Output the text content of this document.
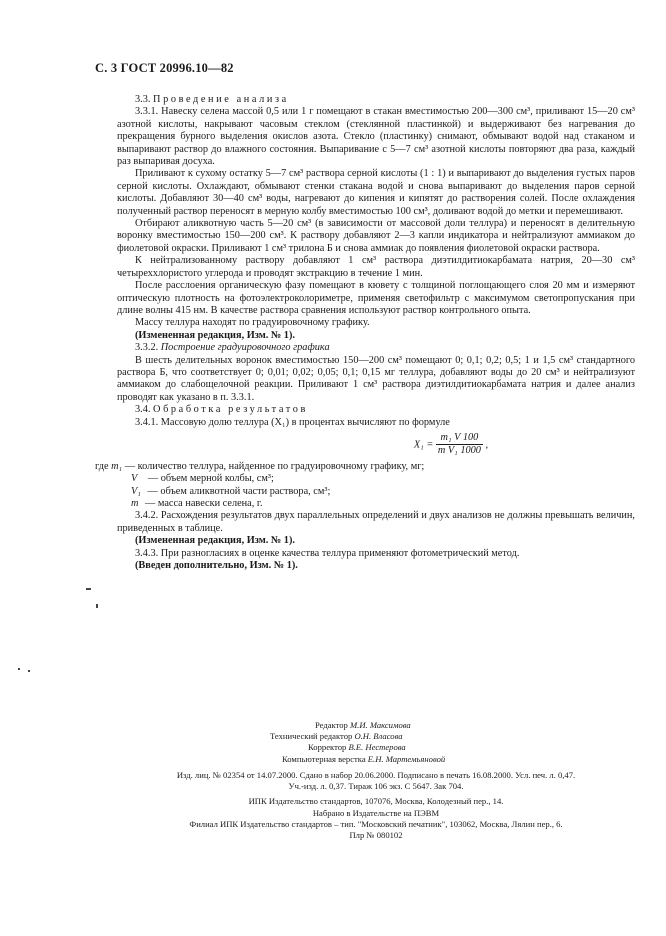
С. 3 ГОСТ 20996.10—82

3.3. Проведение анализа

3.3.1. Навеску селена массой 0,5 или 1 г помещают в стакан вместимостью 200—300 см³, приливают 15—20 см³ азотной кислоты, накрывают часовым стеклом (стеклянной пластинкой) и выдерживают без нагревания до прекращения бурного выделения окислов азота. Стекло (пластинку) снимают, обмывают водой над стаканом и выпаривают раствор до влажного состояния. Выпаривание с 5—7 см³ азотной кислоты повторяют два раза, каждый раз выпаривая досуха.

Приливают к сухому остатку 5—7 см³ раствора серной кислоты (1 : 1) и выпаривают до выделения густых паров серной кислоты. Охлаждают, обмывают стенки стакана водой и снова выпаривают до выделения паров серной кислоты. Добавляют 30—40 см³ воды, нагревают до кипения и кипятят до растворения солей. После охлаждения полученный раствор переносят в мерную колбу вместимостью 100 см³, доливают водой до метки и перемешивают.

Отбирают аликвотную часть 5—20 см³ (в зависимости от массовой доли теллура) и переносят в делительную воронку вместимостью 150—200 см³. К раствору добавляют 2—3 капли индикатора и нейтрализуют аммиаком до фиолетовой окраски. Приливают 1 см³ трилона Б и снова аммиак до появления фиолетовой окраски раствора.

К нейтрализованному раствору добавляют 1 см³ раствора диэтилдитиокарбамата натрия, 20—30 см³ четыреххлористого углерода и проводят экстракцию в течение 1 мин.

После расслоения органическую фазу помещают в кювету с толщиной поглощающего слоя 20 мм и измеряют оптическую плотность на фотоэлектроколориметре, применяя светофильтр с максимумом светопропускания при длине волны 415 нм. В качестве раствора сравнения используют раствор контрольного опыта.

Массу теллура находят по градуировочному графику.

(Измененная редакция, Изм. № 1).

3.3.2. Построение градуировочного графика

В шесть делительных воронок вместимостью 150—200 см³ помещают 0; 0,1; 0,2; 0,5; 1 и 1,5 см³ стандартного раствора Б, что соответствует 0; 0,01; 0,02; 0,05; 0,1; 0,15 мг теллура, добавляют воды до 20 см³ и нейтрализуют аммиаком до слабощелочной реакции. Приливают 1 см³ раствора диэтилдитиокарбамата натрия и далее анализ проводят как указано в п. 3.3.1.

3.4. Обработка результатов

3.4.1. Массовую долю теллура (X₁) в процентах вычисляют по формуле

$X_1 = \frac{\text{m₁ V 100}}{\text{m V₁ 1000}}$ ,
где m₁ — количество теллура, найденное по градуировочному графику, мг;
V — объем мерной колбы, см³;
V₁ — объем аликвотной части раствора, см³;
m — масса навески селена, г.

3.4.2. Расхождения результатов двух параллельных определений и двух анализов не должны превышать величин, приведенных в таблице.

(Измененная редакция, Изм. № 1).

3.4.3. При разногласиях в оценке качества теллура применяют фотометрический метод.

(Введен дополнительно, Изм. № 1).

Редактор М.И. Максимова
Технический редактор О.Н. Власова
Корректор В.Е. Нестерова
Компьютерная верстка Е.Н. Мартемьяновой
Изд. лиц. № 02354 от 14.07.2000. Сдано в набор 20.06.2000. Подписано в печать 16.08.2000. Усл. печ. л. 0,47.
Уч.-изд. л. 0,37. Тираж 106 экз. С 5647. Зак 704.
ИПК Издательство стандартов, 107076, Москва, Колодезный пер., 14.
Набрано в Издательстве на ПЭВМ
Филиал ИПК Издательство стандартов – тип. "Московский печатник", 103062, Москва, Лялин пер., 6.
Плр № 080102
